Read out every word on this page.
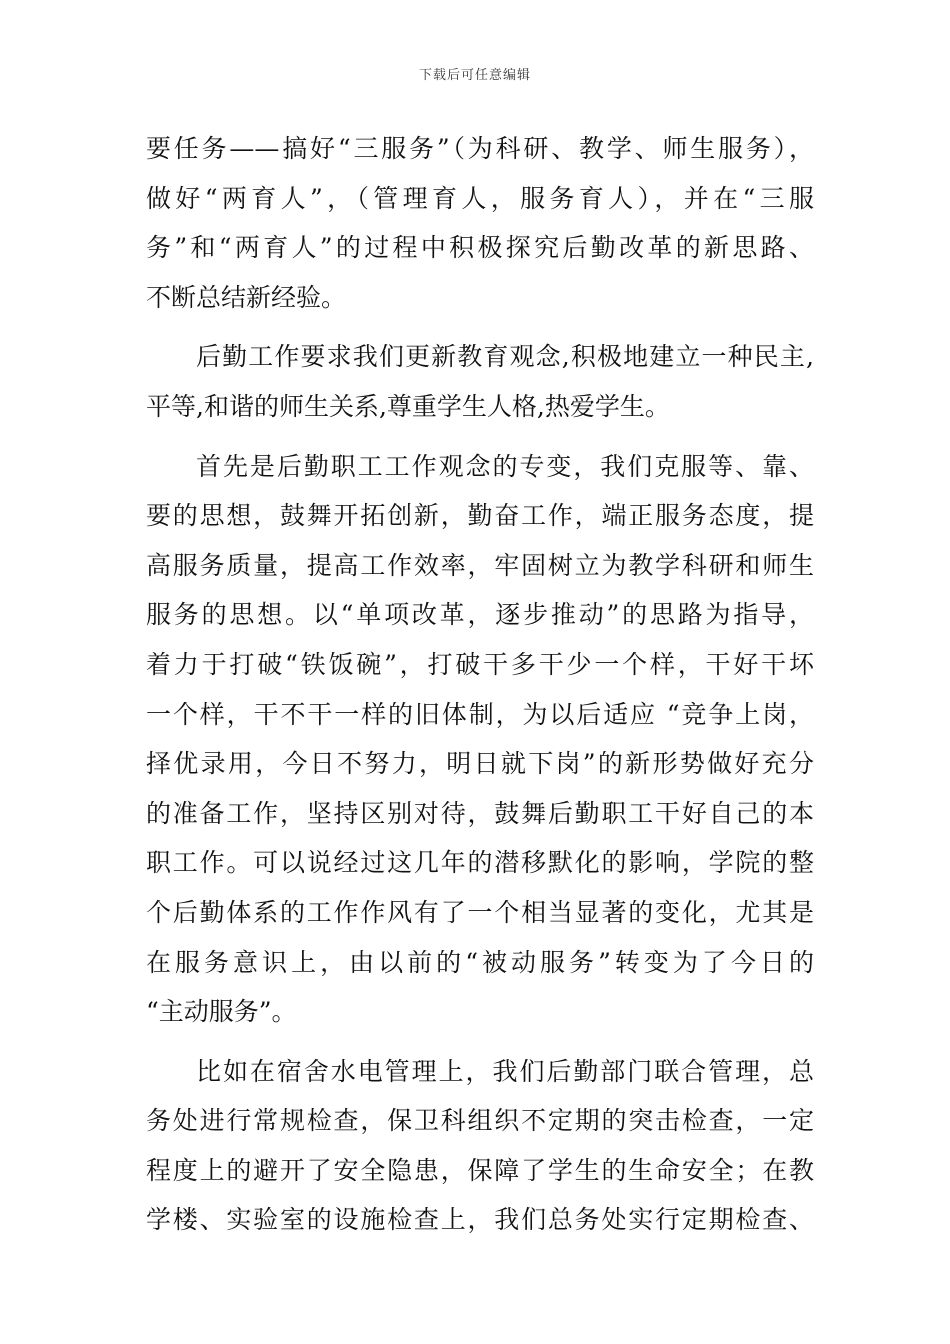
下载后可任意编辑
要任务——搞好“三服务”（为科研、教学、师生服务），
做好“两育人”，（管理育人，服务育人），并在“三服
务”和“两育人”的过程中积极探究后勤改革的新思路、
不断总结新经验。
后勤工作要求我们更新教育观念,积极地建立一种民主,
平等,和谐的师生关系,尊重学生人格,热爱学生。
首先是后勤职工工作观念的专变，我们克服等、靠、
要的思想，鼓舞开拓创新，勤奋工作，端正服务态度，提
高服务质量，提高工作效率，牢固树立为教学科研和师生
服务的思想。以“单项改革，逐步推动”的思路为指导，
着力于打破“铁饭碗”，打破干多干少一个样，干好干坏
一个样，干不干一样的旧体制，为以后适应 “竞争上岗，
择优录用，今日不努力，明日就下岗”的新形势做好充分
的准备工作，坚持区别对待，鼓舞后勤职工干好自己的本
职工作。可以说经过这几年的潜移默化的影响，学院的整
个后勤体系的工作作风有了一个相当显著的变化，尤其是
在服务意识上，由以前的“被动服务”转变为了今日的
“主动服务”。
比如在宿舍水电管理上，我们后勤部门联合管理，总
务处进行常规检查，保卫科组织不定期的突击检查，一定
程度上的避开了安全隐患，保障了学生的生命安全；在教
学楼、实验室的设施检查上，我们总务处实行定期检查、
